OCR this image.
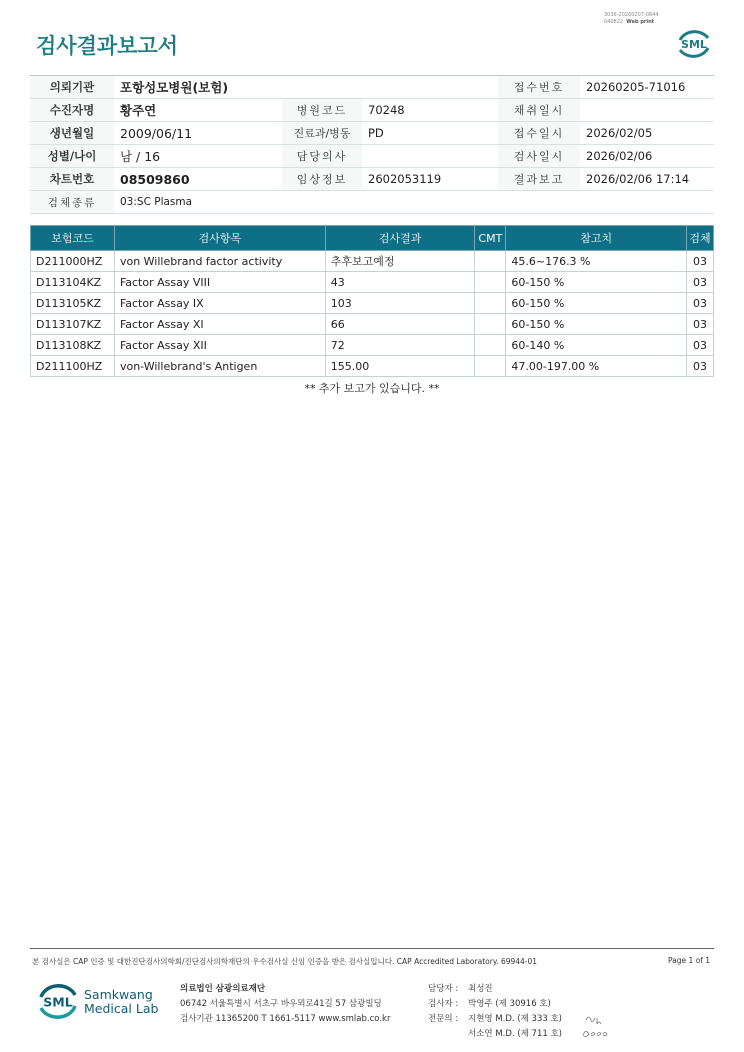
검사결과보고서
3036-20260207-0844
040822 Web print
SML
의뢰기관	포항성모병원(보험)			접수번호	20260205-71016
수진자명	황주연	병원코드	70248	채취일시	
생년월일	2009/06/11	진료과/병동	PD	접수일시	2026/02/05
성별/나이	남 / 16	담당의사		검사일시	2026/02/06
차트번호	08509860	임상정보	2602053119	결과보고	2026/02/06 17:14
검체종류	03:SC Plasma				
보험코드	검사항목	검사결과	CMT	참고치	검체
D211000HZ	von Willebrand factor activity	추후보고예정		45.6~176.3 %	03
D113104KZ	Factor Assay VIII	43		60-150 %	03
D113105KZ	Factor Assay IX	103		60-150 %	03
D113107KZ	Factor Assay XI	66		60-150 %	03
D113108KZ	Factor Assay XII	72		60-140 %	03
D211100HZ	von-Willebrand's Antigen	155.00		47.00-197.00 %	03
** 추가 보고가 있습니다. **
본 검사실은 CAP 인증 및 대한진단검사의학회/진단검사의학재단의 우수검사실 신임 인증을 받은 검사실입니다. CAP Accredited Laboratory. 69944-01	Page 1 of 1
SML Samkwang
Medical Lab
의료법인 삼광의료재단
06742 서울특별시 서초구 바우뫼로41길 57 삼광빌딩
검사기관 11365200 T 1661-5117 www.smlab.co.kr
담당자 : 최성진
검사자 : 박영주 (제 30916 호)
전문의 : 지현영 M.D. (제 333 호)
서소연 M.D. (제 711 호)
